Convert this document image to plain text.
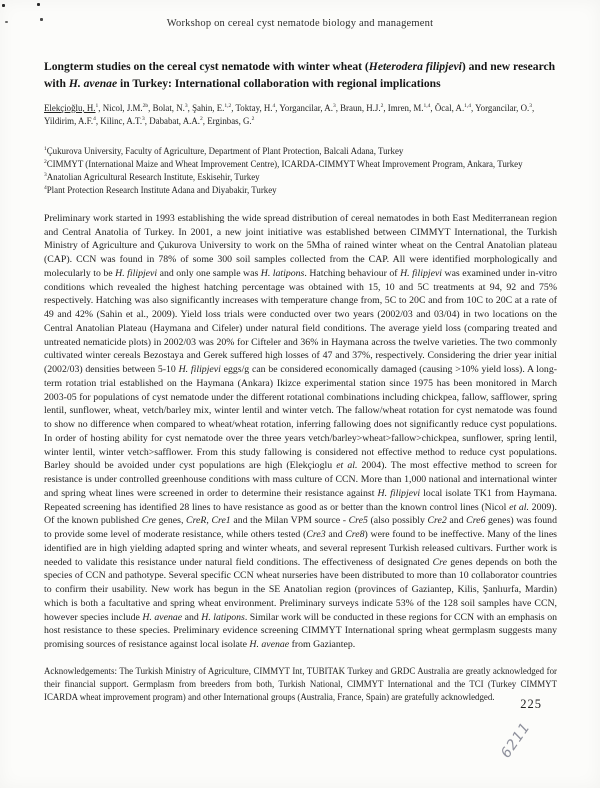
Workshop on cereal cyst nematode biology and management
Longterm studies on the cereal cyst nematode with winter wheat (Heterodera filipjevi) and new research with H. avenae in Turkey: International collaboration with regional implications
Elekçioğlu, H.$^1$, Nicol, J.M.$^{2b}$, Bolat, N.$^3$, Şahin, E.$^{1,2}$, Toktay, H.$^4$, Yorgancilar, A.$^3$, Braun, H.J.$^2$, Imren, M.$^{1,4}$, Öcal, A.$^{1,4}$, Yorgancilar, O.$^3$, Yildirim, A.F.$^4$, Kilinc, A.T.$^3$, Dababat, A.A.$^2$, Erginbas, G.$^2$
$^1$Çukurova University, Faculty of Agriculture, Department of Plant Protection, Balcali Adana, Turkey
$^2$CIMMYT (International Maize and Wheat Improvement Centre), ICARDA-CIMMYT Wheat Improvement Program, Ankara, Turkey
$^3$Anatolian Agricultural Research Institute, Eskisehir, Turkey
$^4$Plant Protection Research Institute Adana and Diyabakir, Turkey
Preliminary work started in 1993 establishing the wide spread distribution of cereal nematodes in both East Mediterranean region and Central Anatolia of Turkey. In 2001, a new joint initiative was established between CIMMYT International, the Turkish Ministry of Agriculture and Çukurova University to work on the 5Mha of rained winter wheat on the Central Anatolian plateau (CAP). CCN was found in 78% of some 300 soil samples collected from the CAP. All were identified morphologically and molecularly to be H. filipjevi and only one sample was H. latipons. Hatching behaviour of H. filipjevi was examined under in-vitro conditions which revealed the highest hatching percentage was obtained with 15, 10 and 5C treatments at 94, 92 and 75% respectively. Hatching was also significantly increases with temperature change from, 5C to 20C and from 10C to 20C at a rate of 49 and 42% (Sahin et al., 2009). Yield loss trials were conducted over two years (2002/03 and 03/04) in two locations on the Central Anatolian Plateau (Haymana and Cifeler) under natural field conditions. The average yield loss (comparing treated and untreated nematicide plots) in 2002/03 was 20% for Cifteler and 36% in Haymana across the twelve varieties. The two commonly cultivated winter cereals Bezostaya and Gerek suffered high losses of 47 and 37%, respectively. Considering the drier year initial (2002/03) densities between 5-10 H. filipjevi eggs/g can be considered economically damaged (causing >10% yield loss). A long-term rotation trial established on the Haymana (Ankara) Ikizce experimental station since 1975 has been monitored in March 2003-05 for populations of cyst nematode under the different rotational combinations including chickpea, fallow, safflower, spring lentil, sunflower, wheat, vetch/barley mix, winter lentil and winter vetch. The fallow/wheat rotation for cyst nematode was found to show no difference when compared to wheat/wheat rotation, inferring fallowing does not significantly reduce cyst populations. In order of hosting ability for cyst nematode over the three years vetch/barley>wheat>fallow>chickpea, sunflower, spring lentil, winter lentil, winter vetch>safflower. From this study fallowing is considered not effective method to reduce cyst populations. Barley should be avoided under cyst populations are high (Elekçioglu et al. 2004). The most effective method to screen for resistance is under controlled greenhouse conditions with mass culture of CCN. More than 1,000 national and international winter and spring wheat lines were screened in order to determine their resistance against H. filipjevi local isolate TK1 from Haymana. Repeated screening has identified 28 lines to have resistance as good as or better than the known control lines (Nicol et al. 2009). Of the known published Cre genes, CreR, Cre1 and the Milan VPM source - Cre5 (also possibly Cre2 and Cre6 genes) was found to provide some level of moderate resistance, while others tested (Cre3 and Cre8) were found to be ineffective. Many of the lines identified are in high yielding adapted spring and winter wheats, and several represent Turkish released cultivars. Further work is needed to validate this resistance under natural field conditions. The effectiveness of designated Cre genes depends on both the species of CCN and pathotype. Several specific CCN wheat nurseries have been distributed to more than 10 collaborator countries to confirm their usability. New work has begun in the SE Anatolian region (provinces of Gaziantep, Kilis, Şanlıurfa, Mardin) which is both a facultative and spring wheat environment. Preliminary surveys indicate 53% of the 128 soil samples have CCN, however species include H. avenae and H. latipons. Similar work will be conducted in these regions for CCN with an emphasis on host resistance to these species. Preliminary evidence screening CIMMYT International spring wheat germplasm suggests many promising sources of resistance against local isolate H. avenae from Gaziantep.
Acknowledgements: The Turkish Ministry of Agriculture, CIMMYT Int, TUBITAK Turkey and GRDC Australia are greatly acknowledged for their financial support. Germplasm from breeders from both, Turkish National, CIMMYT International and the TCI (Turkey CIMMYT ICARDA wheat improvement program) and other International groups (Australia, France, Spain) are gratefully acknowledged.
225
6211
